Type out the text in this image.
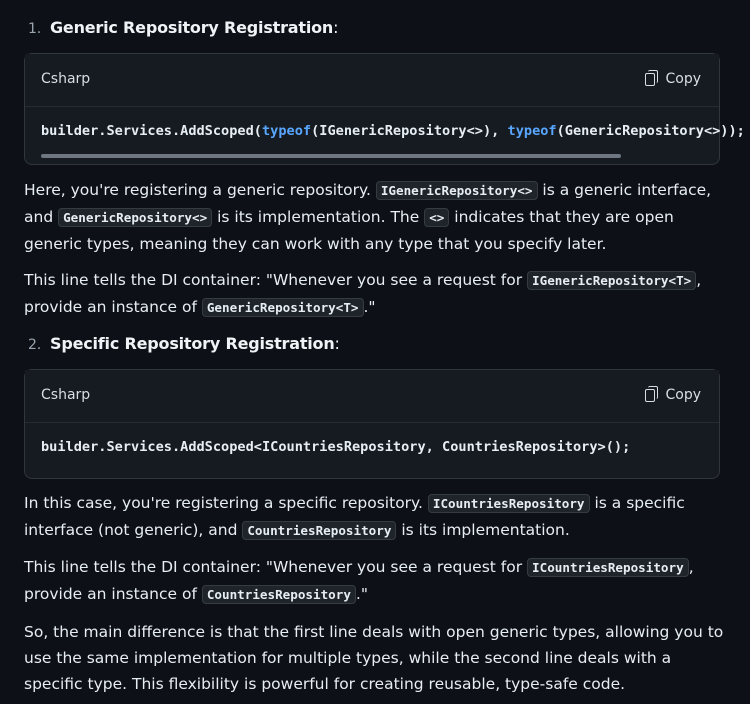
1. Generic Repository Registration:
Csharp	Copy
builder.Services.AddScoped(typeof(IGenericRepository<>), typeof(GenericRepository<>));

Here, you're registering a generic repository. IGenericRepository<> is a generic interface, and GenericRepository<> is its implementation. The <> indicates that they are open generic types, meaning they can work with any type that you specify later.

This line tells the DI container: "Whenever you see a request for IGenericRepository<T> , provide an instance of GenericRepository<T> ."

2. Specific Repository Registration:
Csharp	Copy
builder.Services.AddScoped<ICountriesRepository, CountriesRepository>();

In this case, you're registering a specific repository. ICountriesRepository is a specific interface (not generic), and CountriesRepository is its implementation.

This line tells the DI container: "Whenever you see a request for ICountriesRepository , provide an instance of CountriesRepository ."

So, the main difference is that the first line deals with open generic types, allowing you to use the same implementation for multiple types, while the second line deals with a specific type. This flexibility is powerful for creating reusable, type-safe code.
